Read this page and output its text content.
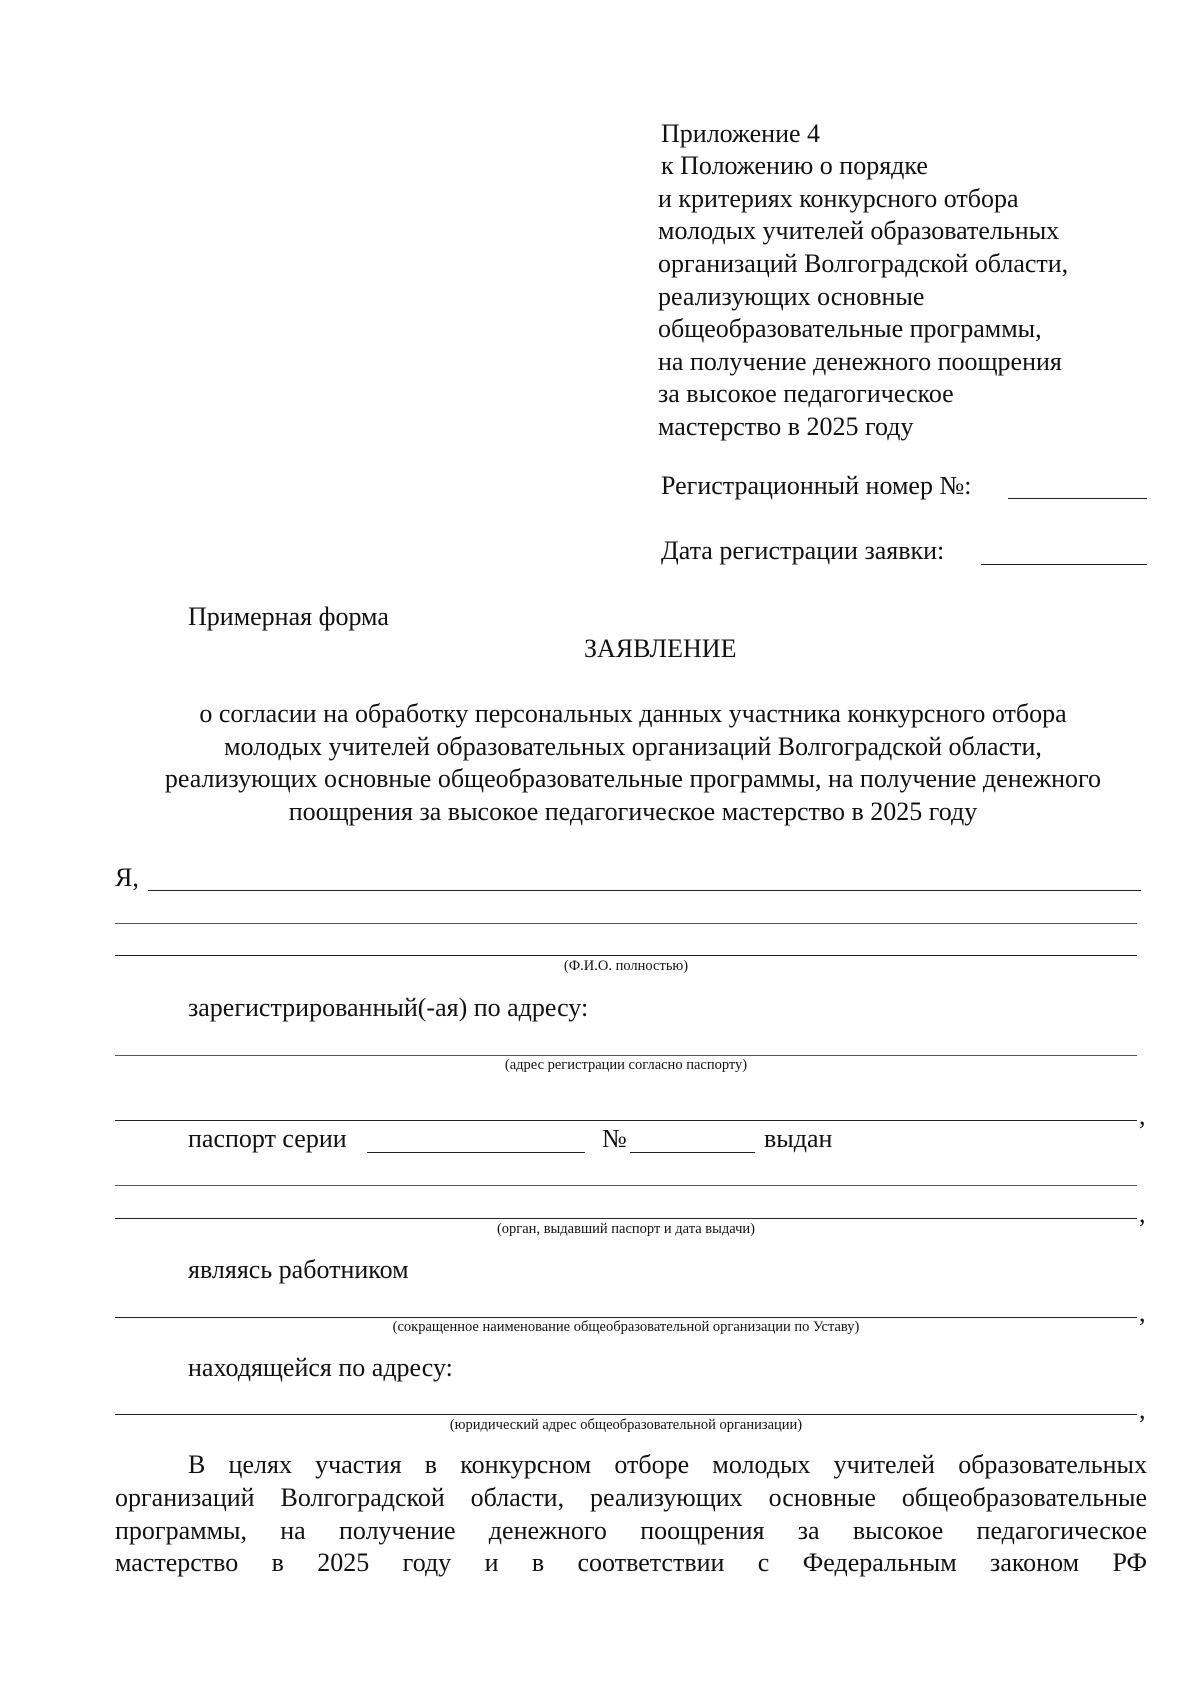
Приложение 4
к Положению о порядке
и критериях конкурсного отбора
молодых учителей образовательных
организаций Волгоградской области,
реализующих основные
общеобразовательные программы,
на получение денежного поощрения
за высокое педагогическое
мастерство в 2025 году
Регистрационный номер №:
Дата регистрации заявки:
Примерная форма
ЗАЯВЛЕНИЕ
о согласии на обработку персональных данных участника конкурсного отбора
молодых учителей образовательных организаций Волгоградской области,
реализующих основные общеобразовательные программы, на получение денежного
поощрения за высокое педагогическое мастерство в 2025 году
Я,
(Ф.И.О. полностью)
зарегистрированный(-ая) по адресу:
(адрес регистрации согласно паспорту)
,
паспорт серии	№	выдан
,
(орган, выдавший паспорт и дата выдачи)
являясь работником
,
(сокращенное наименование общеобразовательной организации по Уставу)
находящейся по адресу:
,
(юридический адрес общеобразовательной организации)
В целях участия в конкурсном отборе молодых учителей образовательных
организаций Волгоградской области, реализующих основные общеобразовательные
программы, на получение денежного поощрения за высокое педагогическое
мастерство в 2025 году и в соответствии с Федеральным законом РФ
